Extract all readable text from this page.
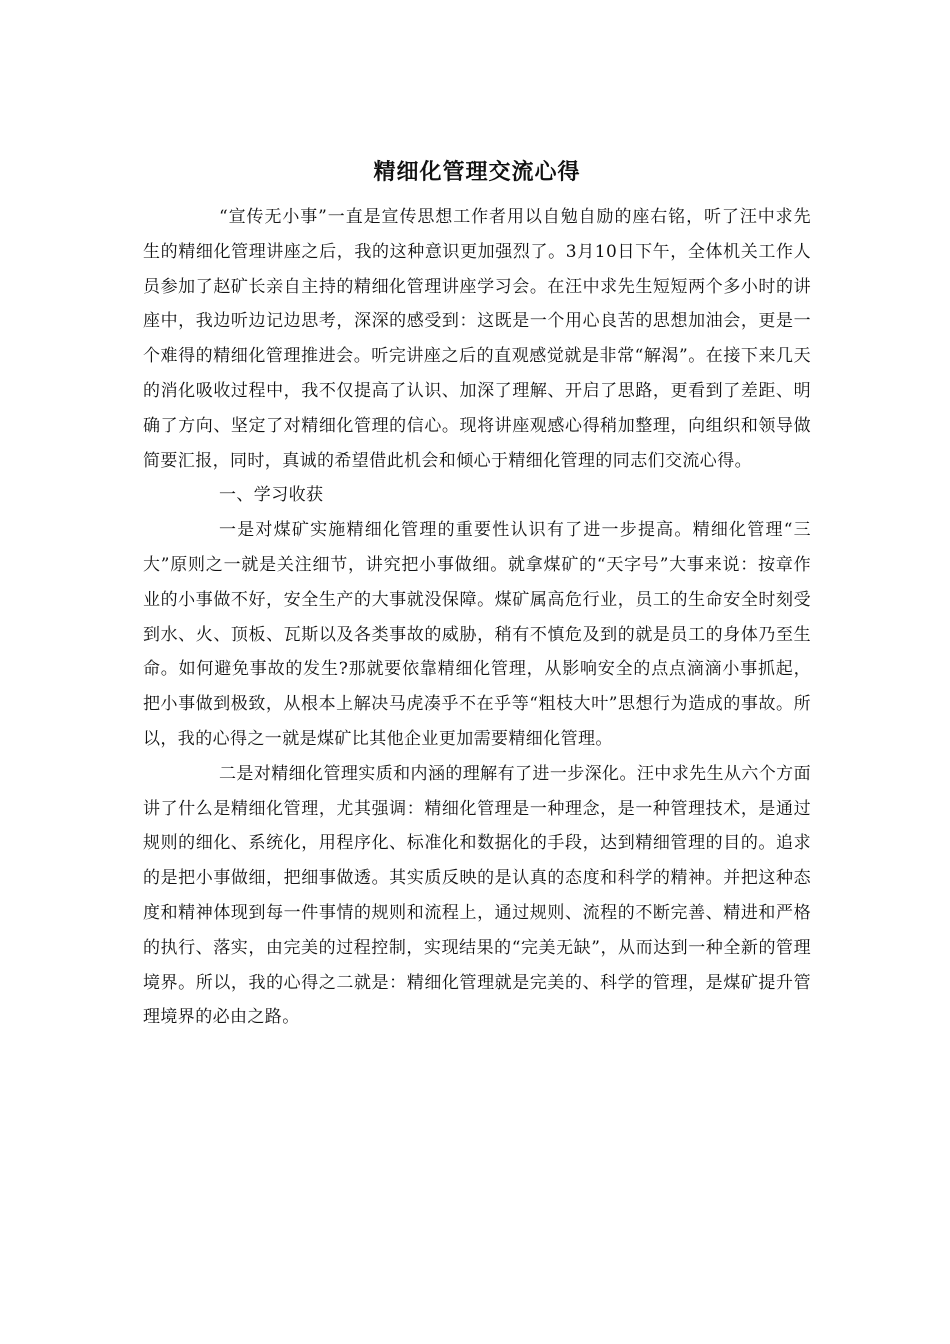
精细化管理交流心得

“宣传无小事”一直是宣传思想工作者用以自勉自励的座右铭，听了汪中求先生的精细化管理讲座之后，我的这种意识更加强烈了。3月10日下午，全体机关工作人员参加了赵矿长亲自主持的精细化管理讲座学习会。在汪中求先生短短两个多小时的讲座中，我边听边记边思考，深深的感受到：这既是一个用心良苦的思想加油会，更是一个难得的精细化管理推进会。听完讲座之后的直观感觉就是非常“解渴”。在接下来几天的消化吸收过程中，我不仅提高了认识、加深了理解、开启了思路，更看到了差距、明确了方向、坚定了对精细化管理的信心。现将讲座观感心得稍加整理，向组织和领导做简要汇报，同时，真诚的希望借此机会和倾心于精细化管理的同志们交流心得。

一、学习收获

一是对煤矿实施精细化管理的重要性认识有了进一步提高。精细化管理“三大”原则之一就是关注细节，讲究把小事做细。就拿煤矿的“天字号”大事来说：按章作业的小事做不好，安全生产的大事就没保障。煤矿属高危行业，员工的生命安全时刻受到水、火、顶板、瓦斯以及各类事故的威胁，稍有不慎危及到的就是员工的身体乃至生命。如何避免事故的发生?那就要依靠精细化管理，从影响安全的点点滴滴小事抓起，把小事做到极致，从根本上解决马虎凑乎不在乎等“粗枝大叶”思想行为造成的事故。所以，我的心得之一就是煤矿比其他企业更加需要精细化管理。

二是对精细化管理实质和内涵的理解有了进一步深化。汪中求先生从六个方面讲了什么是精细化管理，尤其强调：精细化管理是一种理念，是一种管理技术，是通过规则的细化、系统化，用程序化、标准化和数据化的手段，达到精细管理的目的。追求的是把小事做细，把细事做透。其实质反映的是认真的态度和科学的精神。并把这种态度和精神体现到每一件事情的规则和流程上，通过规则、流程的不断完善、精进和严格的执行、落实，由完美的过程控制，实现结果的“完美无缺”，从而达到一种全新的管理境界。所以，我的心得之二就是：精细化管理就是完美的、科学的管理，是煤矿提升管理境界的必由之路。
